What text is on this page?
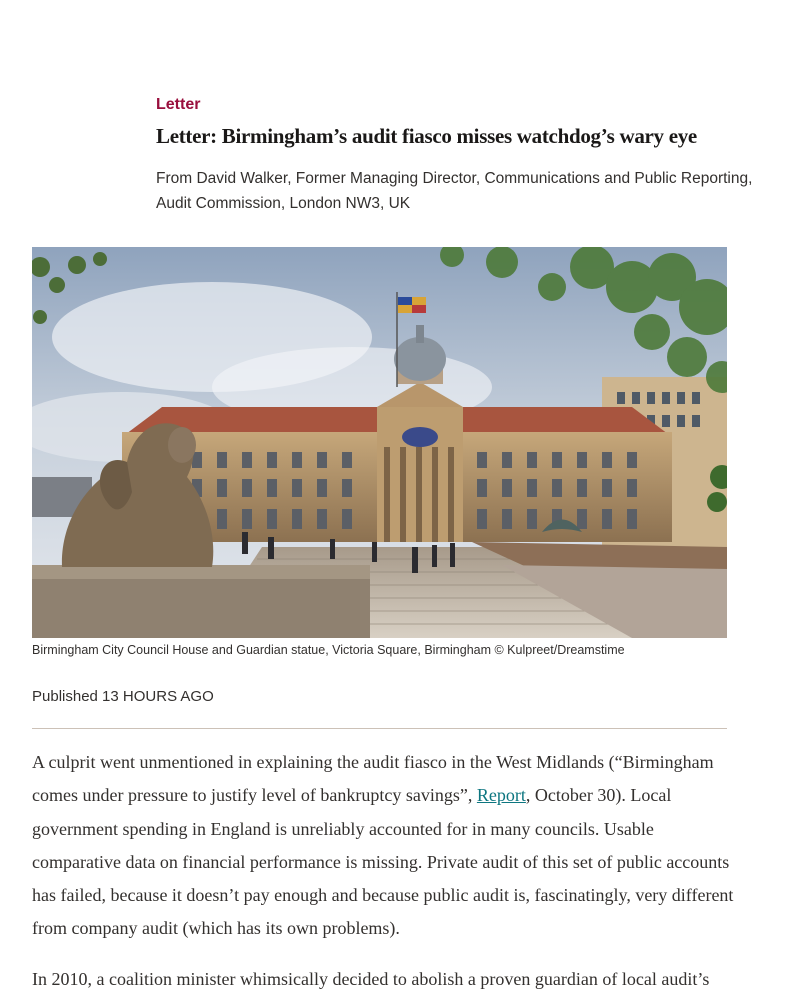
Letter
Letter: Birmingham’s audit fiasco misses watchdog’s wary eye

From David Walker, Former Managing Director, Communications and Public Reporting, Audit Commission, London NW3, UK

Birmingham City Council House and Guardian statue, Victoria Square, Birmingham © Kulpreet/Dreamstime
Published 13 HOURS AGO

A culprit went unmentioned in explaining the audit fiasco in the West Midlands (“Birmingham comes under pressure to justify level of bankruptcy savings”, Report, October 30). Local government spending in England is unreliably accounted for in many councils. Usable comparative data on financial performance is missing. Private audit of this set of public accounts has failed, because it doesn’t pay enough and because public audit is, fascinatingly, very different from company audit (which has its own problems).

In 2010, a coalition minister whimsically decided to abolish a proven guardian of local audit’s
